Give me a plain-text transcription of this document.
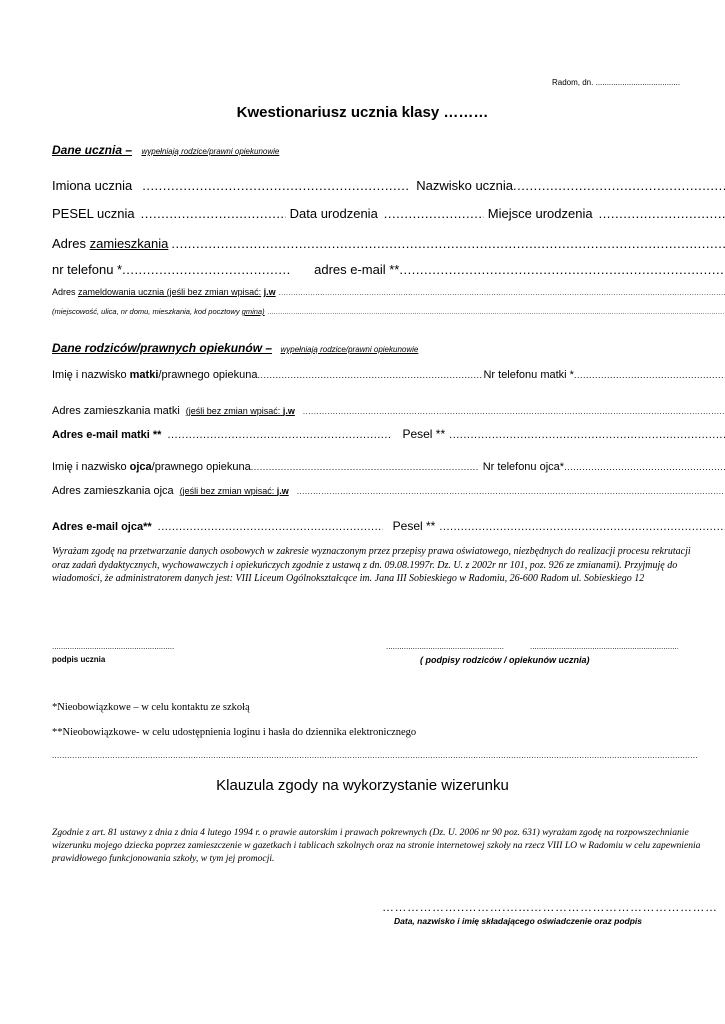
Radom, dn. ......................................
Kwestionariusz ucznia klasy ………
Dane ucznia – wypełniają rodzice/prawni opiekunowie
Imiona ucznia .....	Nazwisko ucznia
.....
PESEL ucznia .....	Data urodzenia .....	Miejsce urodzenia
.....
Adres zamieszkania
.....
nr telefonu * .....	adres e-mail **
.....
Adres zameldowania ucznia (jeśli bez zmian wpisać: j.w
.....
(miejscowość, ulica, nr domu, mieszkania, kod pocztowy gmina)
.....
Dane rodziców/prawnych opiekunów – wypełniają rodzice/prawni opiekunowie
Imię i nazwisko matki/prawnego opiekuna .....	Nr telefonu matki *
.....
Adres zamieszkania matki (jeśli bez zmian wpisać: j.w
.....
Adres e-mail matki ** .....	Pesel **
.....
Imię i nazwisko ojca/prawnego opiekuna .....	Nr telefonu ojca*
.....
Adres zamieszkania ojca (jeśli bez zmian wpisać: j.w
.....
Adres e-mail ojca** .....	Pesel **
.....
Wyrażam zgodę na przetwarzanie danych osobowych w zakresie wyznaczonym przez przepisy prawa oświatowego, niezbędnych do realizacji procesu rekrutacji oraz zadań dydaktycznych, wychowawczych i opiekuńczych zgodnie z ustawą z dn. 09.08.1997r. Dz. U. z 2002r nr 101, poz. 926 ze zmianami). Przyjmuję do wiadomości, że administratorem danych jest: VIII Liceum Ogólnokształcące im. Jana III Sobieskiego w Radomiu, 26-600 Radom ul. Sobieskiego 12
.....
podpis ucznia
.....
.....	( podpisy rodziców / opiekunów ucznia)
*Nieobowiązkowe – w celu kontaktu ze szkołą
**Nieobowiązkowe- w celu udostępnienia loginu i hasła do dziennika elektronicznego
.....
Klauzula zgody na wykorzystanie wizerunku
Zgodnie z art. 81 ustawy z dnia z dnia 4 lutego 1994 r. o prawie autorskim i prawach pokrewnych (Dz. U. 2006 nr 90 poz. 631) wyrażam zgodę na rozpowszechnianie wizerunku mojego dziecka poprzez zamieszczenie w gazetkach i tablicach szkolnych oraz na stronie internetowej szkoły na rzecz VIII LO w Radomiu w celu zapewnienia prawidłowego funkcjonowania szkoły, w tym jej promocji.
………………..……….…...………………………………………
Data, nazwisko i imię składającego oświadczenie oraz podpis
